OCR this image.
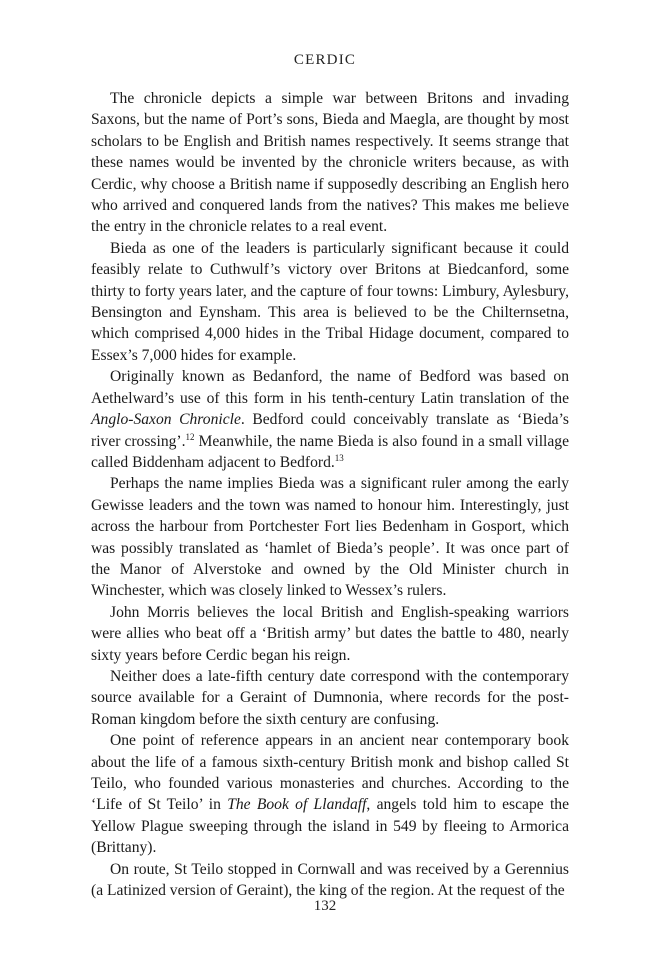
CERDIC

The chronicle depicts a simple war between Britons and invading Saxons, but the name of Port’s sons, Bieda and Maegla, are thought by most scholars to be English and British names respectively. It seems strange that these names would be invented by the chronicle writers because, as with Cerdic, why choose a British name if supposedly describing an English hero who arrived and conquered lands from the natives? This makes me believe the entry in the chronicle relates to a real event.

Bieda as one of the leaders is particularly significant because it could feasibly relate to Cuthwulf’s victory over Britons at Biedcanford, some thirty to forty years later, and the capture of four towns: Limbury, Aylesbury, Bensington and Eynsham. This area is believed to be the Chilternsetna, which comprised 4,000 hides in the Tribal Hidage document, compared to Essex’s 7,000 hides for example.

Originally known as Bedanford, the name of Bedford was based on Aethelward’s use of this form in his tenth-century Latin translation of the Anglo-Saxon Chronicle. Bedford could conceivably translate as ‘Bieda’s river crossing’.$^{12}$ Meanwhile, the name Bieda is also found in a small village called Biddenham adjacent to Bedford.$^{13}$

Perhaps the name implies Bieda was a significant ruler among the early Gewisse leaders and the town was named to honour him. Interestingly, just across the harbour from Portchester Fort lies Bedenham in Gosport, which was possibly translated as ‘hamlet of Bieda’s people’. It was once part of the Manor of Alverstoke and owned by the Old Minister church in Winchester, which was closely linked to Wessex’s rulers.

John Morris believes the local British and English-speaking warriors were allies who beat off a ‘British army’ but dates the battle to 480, nearly sixty years before Cerdic began his reign.

Neither does a late-fifth century date correspond with the contemporary source available for a Geraint of Dumnonia, where records for the post-Roman kingdom before the sixth century are confusing.

One point of reference appears in an ancient near contemporary book about the life of a famous sixth-century British monk and bishop called St Teilo, who founded various monasteries and churches. According to the ‘Life of St Teilo’ in The Book of Llandaff, angels told him to escape the Yellow Plague sweeping through the island in 549 by fleeing to Armorica (Brittany).

On route, St Teilo stopped in Cornwall and was received by a Gerennius (a Latinized version of Geraint), the king of the region. At the request of the

132
